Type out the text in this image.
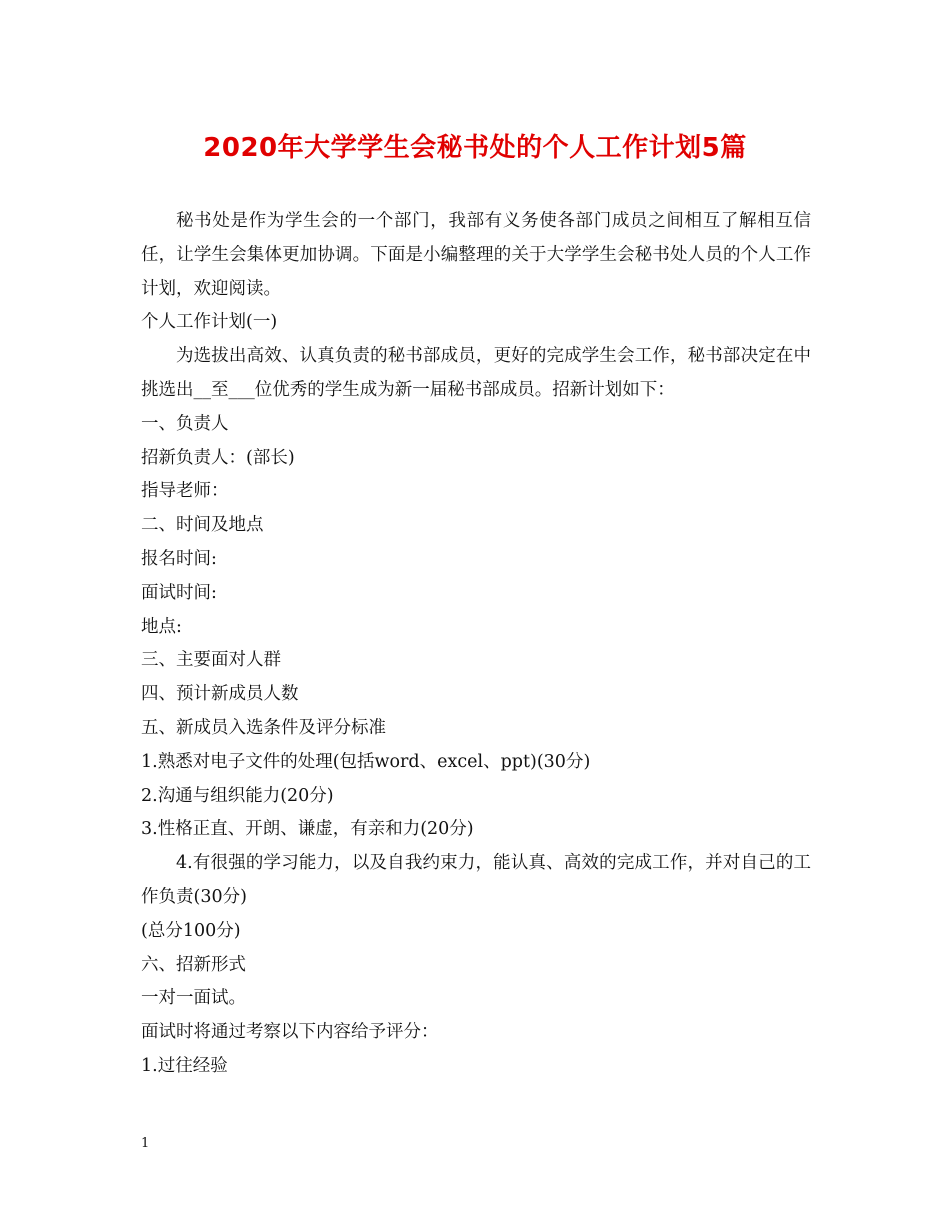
2020年大学学生会秘书处的个人工作计划5篇

秘书处是作为学生会的一个部门，我部有义务使各部门成员之间相互了解相互信任，让学生会集体更加协调。下面是小编整理的关于大学学生会秘书处人员的个人工作计划，欢迎阅读。

个人工作计划(一)

为选拔出高效、认真负责的秘书部成员，更好的完成学生会工作，秘书部决定在中挑选出__至___位优秀的学生成为新一届秘书部成员。招新计划如下：

一、负责人

招新负责人：(部长)

指导老师：

二、时间及地点

报名时间:

面试时间:

地点:

三、主要面对人群

四、预计新成员人数

五、新成员入选条件及评分标准

1.熟悉对电子文件的处理(包括word、excel、ppt)(30分)

2.沟通与组织能力(20分)

3.性格正直、开朗、谦虚，有亲和力(20分)

4.有很强的学习能力，以及自我约束力，能认真、高效的完成工作，并对自己的工作负责(30分)

(总分100分)

六、招新形式

一对一面试。

面试时将通过考察以下内容给予评分：

1.过往经验

1
